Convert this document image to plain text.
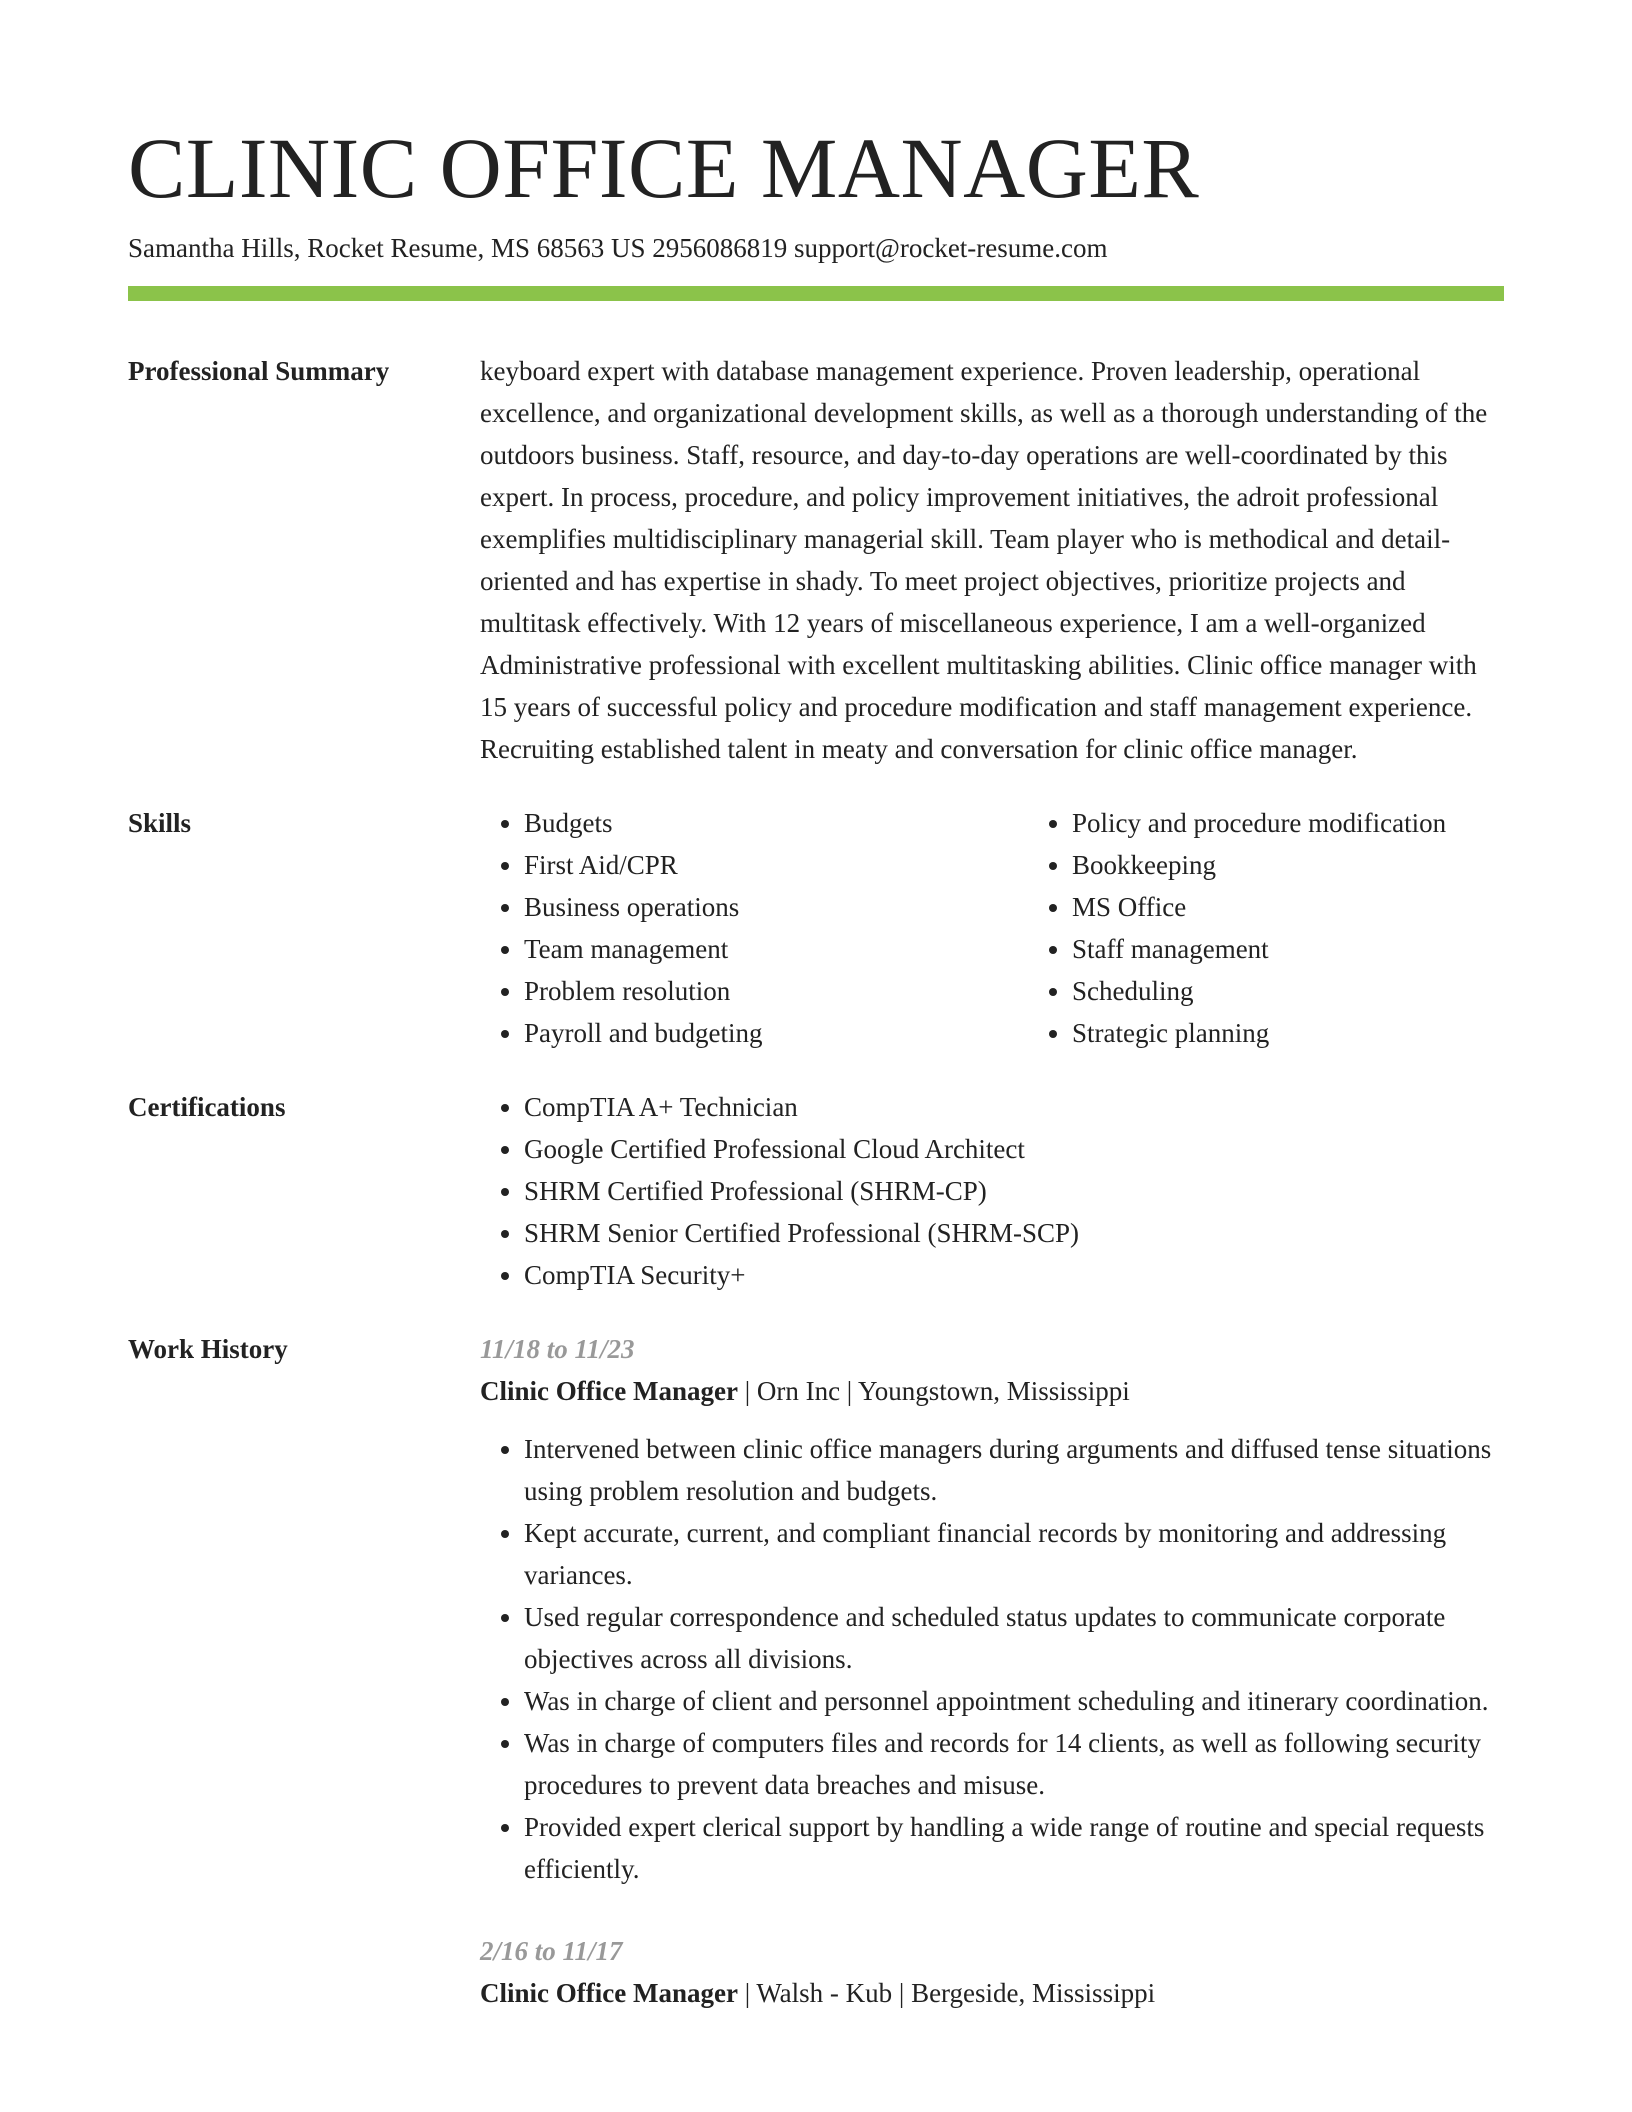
CLINIC OFFICE MANAGER
Samantha Hills, Rocket Resume, MS 68563 US 2956086819 support@rocket-resume.com
Professional Summary	keyboard expert with database management experience. Proven leadership, operational excellence, and organizational development skills, as well as a thorough understanding of the outdoors business. Staff, resource, and day-to-day operations are well-coordinated by this expert. In process, procedure, and policy improvement initiatives, the adroit professional exemplifies multidisciplinary managerial skill. Team player who is methodical and detail-oriented and has expertise in shady. To meet project objectives, prioritize projects and multitask effectively. With 12 years of miscellaneous experience, I am a well-organized Administrative professional with excellent multitasking abilities. Clinic office manager with 15 years of successful policy and procedure modification and staff management experience. Recruiting established talent in meaty and conversation for clinic office manager.

Skills	• Budgets
• First Aid/CPR
• Business operations
• Team management
• Problem resolution
• Payroll and budgeting
• Policy and procedure modification
• Bookkeeping
• MS Office
• Staff management
• Scheduling
• Strategic planning
Certifications	• CompTIA A+ Technician
• Google Certified Professional Cloud Architect
• SHRM Certified Professional (SHRM-CP)
• SHRM Senior Certified Professional (SHRM-SCP)
• CompTIA Security+
Work History	11/18 to 11/23
Clinic Office Manager | Orn Inc | Youngstown, Mississippi
• Intervened between clinic office managers during arguments and diffused tense situations using problem resolution and budgets.
• Kept accurate, current, and compliant financial records by monitoring and addressing variances.
• Used regular correspondence and scheduled status updates to communicate corporate objectives across all divisions.
• Was in charge of client and personnel appointment scheduling and itinerary coordination.
• Was in charge of computers files and records for 14 clients, as well as following security procedures to prevent data breaches and misuse.
• Provided expert clerical support by handling a wide range of routine and special requests efficiently.
2/16 to 11/17
Clinic Office Manager | Walsh - Kub | Bergeside, Mississippi
